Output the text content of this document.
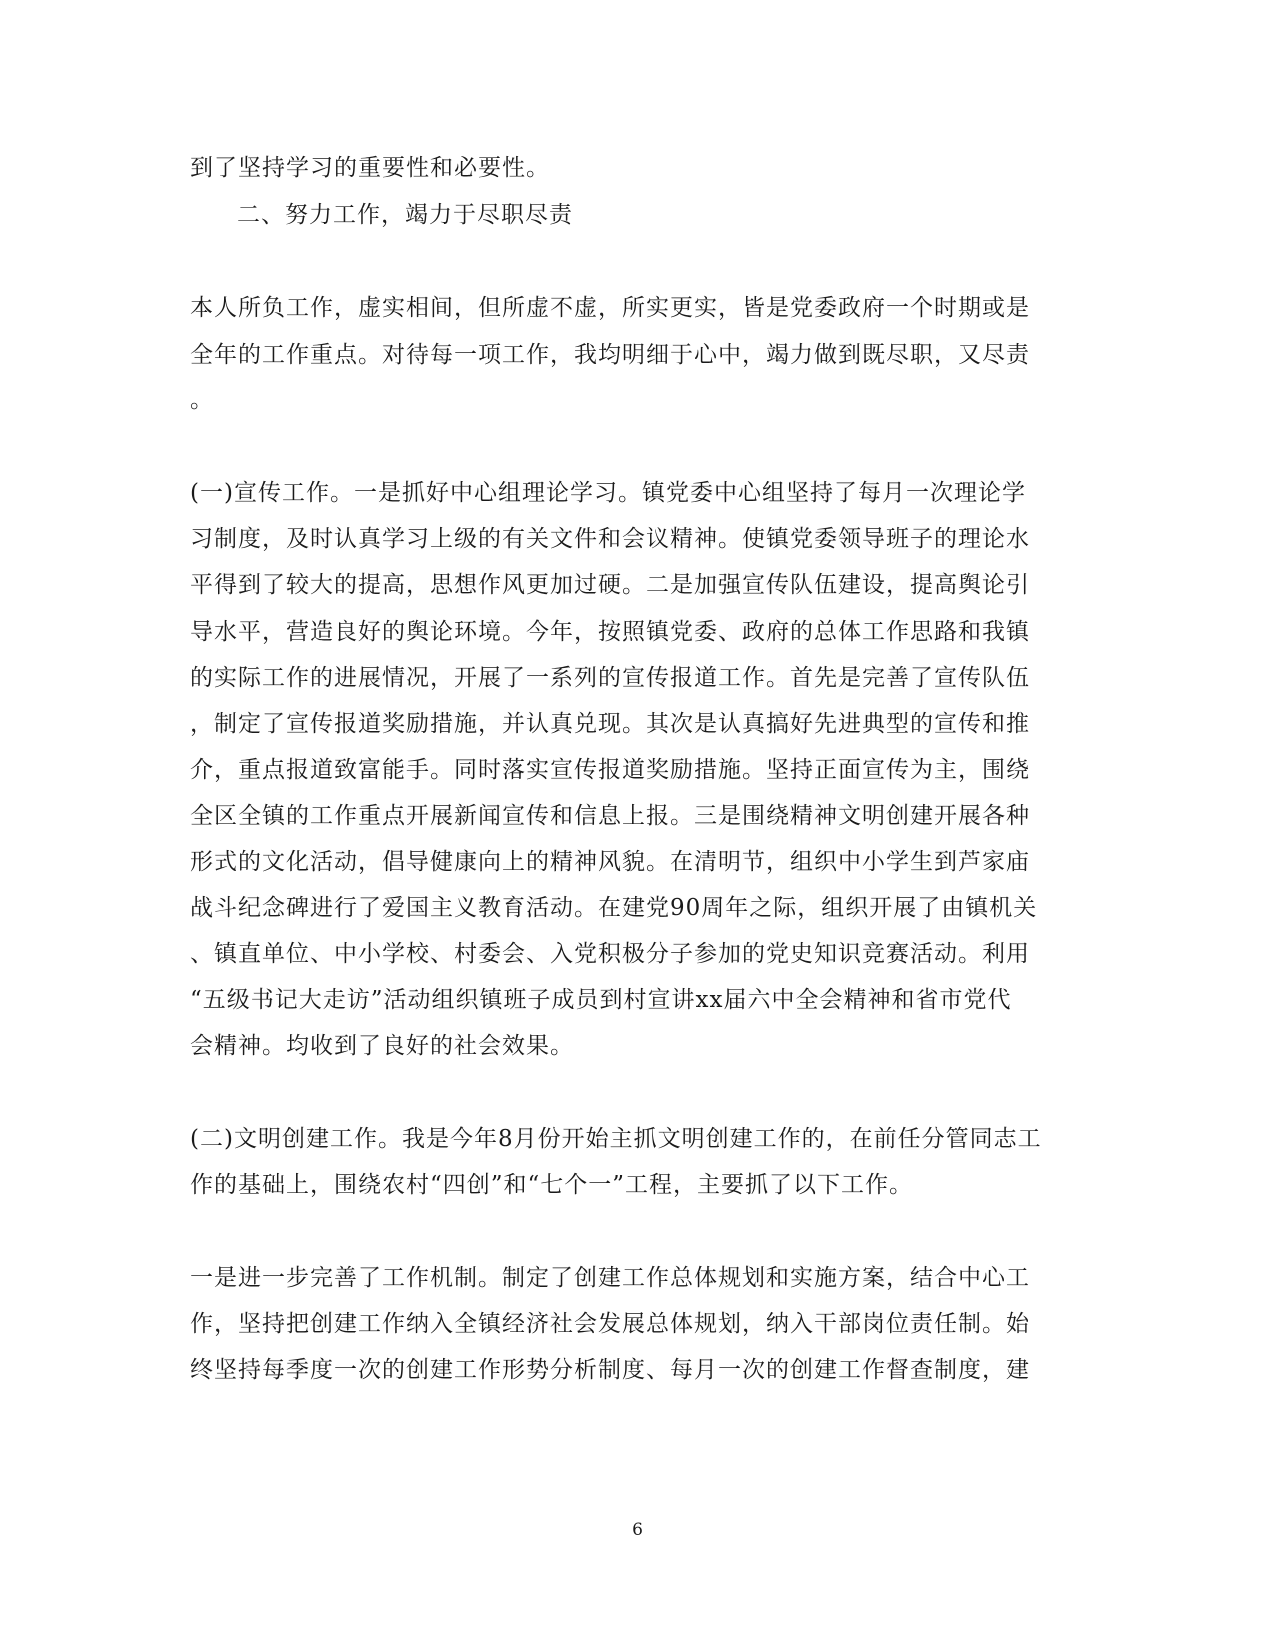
到了坚持学习的重要性和必要性。
二、努力工作，竭力于尽职尽责
本人所负工作，虚实相间，但所虚不虚，所实更实，皆是党委政府一个时期或是
全年的工作重点。对待每一项工作，我均明细于心中，竭力做到既尽职，又尽责
。
(一)宣传工作。一是抓好中心组理论学习。镇党委中心组坚持了每月一次理论学
习制度，及时认真学习上级的有关文件和会议精神。使镇党委领导班子的理论水
平得到了较大的提高，思想作风更加过硬。二是加强宣传队伍建设，提高舆论引
导水平，营造良好的舆论环境。今年，按照镇党委、政府的总体工作思路和我镇
的实际工作的进展情况，开展了一系列的宣传报道工作。首先是完善了宣传队伍
，制定了宣传报道奖励措施，并认真兑现。其次是认真搞好先进典型的宣传和推
介，重点报道致富能手。同时落实宣传报道奖励措施。坚持正面宣传为主，围绕
全区全镇的工作重点开展新闻宣传和信息上报。三是围绕精神文明创建开展各种
形式的文化活动，倡导健康向上的精神风貌。在清明节，组织中小学生到芦家庙
战斗纪念碑进行了爱国主义教育活动。在建党90周年之际，组织开展了由镇机关
、镇直单位、中小学校、村委会、入党积极分子参加的党史知识竞赛活动。利用
“五级书记大走访”活动组织镇班子成员到村宣讲xx届六中全会精神和省市党代
会精神。均收到了良好的社会效果。
(二)文明创建工作。我是今年8月份开始主抓文明创建工作的，在前任分管同志工
作的基础上，围绕农村“四创”和“七个一”工程，主要抓了以下工作。
一是进一步完善了工作机制。制定了创建工作总体规划和实施方案，结合中心工
作，坚持把创建工作纳入全镇经济社会发展总体规划，纳入干部岗位责任制。始
终坚持每季度一次的创建工作形势分析制度、每月一次的创建工作督查制度，建
6
